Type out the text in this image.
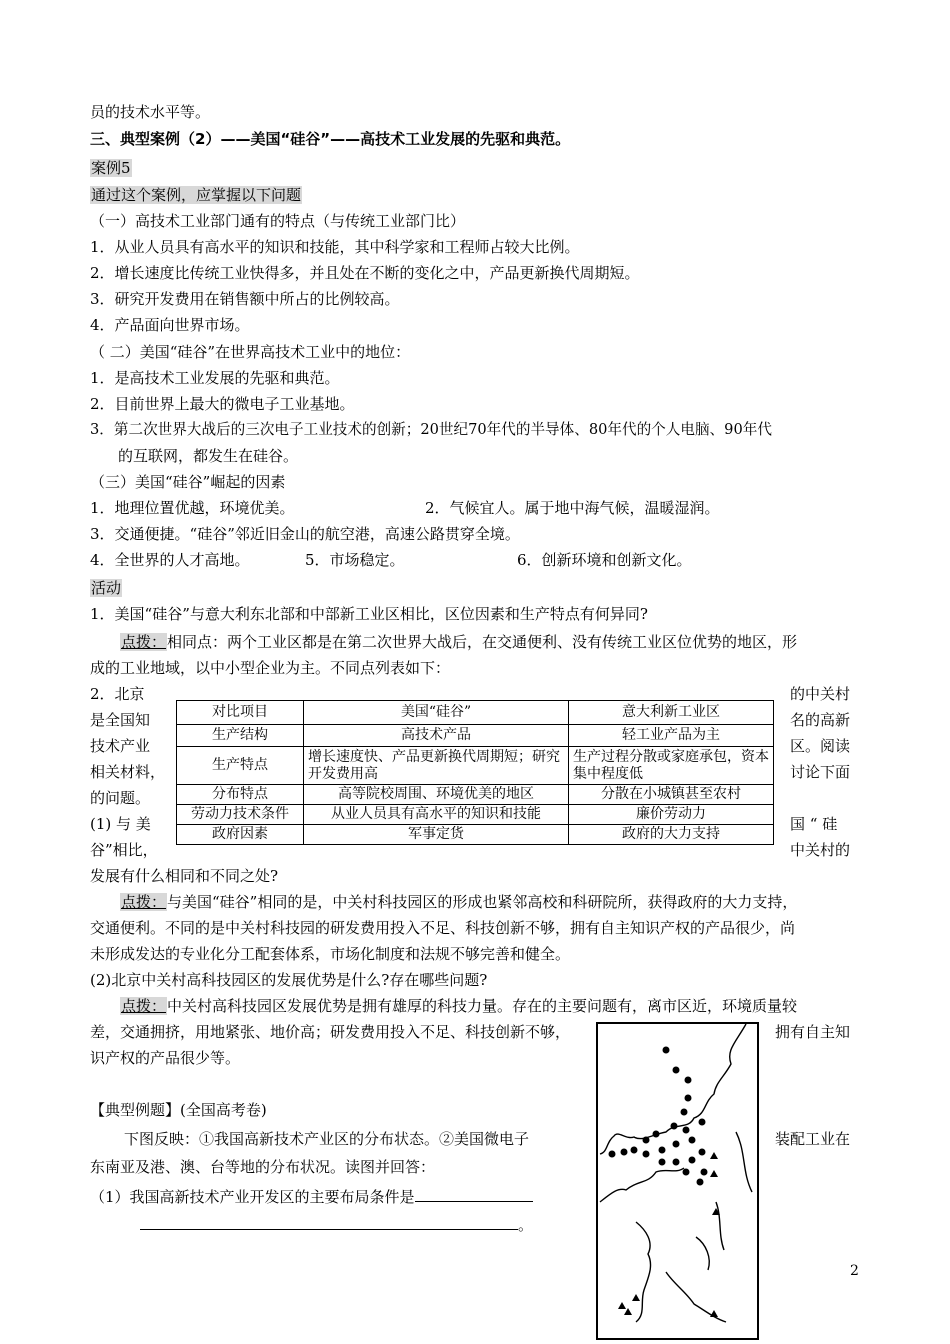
员的技术水平等。
三、典型案例（2）——美国“硅谷”——高技术工业发展的先驱和典范。
案例5
通过这个案例，应掌握以下问题
（一）高技术工业部门通有的特点（与传统工业部门比）
1．从业人员具有高水平的知识和技能，其中科学家和工程师占较大比例。
2．增长速度比传统工业快得多，并且处在不断的变化之中，产品更新换代周期短。
3．研究开发费用在销售额中所占的比例较高。
4．产品面向世界市场。
（ 二）美国“硅谷”在世界高技术工业中的地位：
1．是高技术工业发展的先驱和典范。
2．目前世界上最大的微电子工业基地。
3．第二次世界大战后的三次电子工业技术的创新；20世纪70年代的半导体、80年代的个人电脑、90年代
的互联网，都发生在硅谷。
（三）美国“硅谷”崛起的因素
1．地理位置优越，环境优美。	2．气候宜人。属于地中海气候，温暖湿润。
3．交通便捷。“硅谷”邻近旧金山的航空港，高速公路贯穿全境。
4．全世界的人才高地。	5．市场稳定。	6．创新环境和创新文化。
活动
1．美国“硅谷”与意大利东北部和中部新工业区相比，区位因素和生产特点有何异同?
点拨：相同点：两个工业区都是在第二次世界大战后，在交通便利、没有传统工业区位优势的地区，形
成的工业地域，以中小型企业为主。不同点列表如下：
2．北京
是全国知
技术产业
相关材料，
的问题。
(1) 与 美
谷”相比，
的中关村
名的高新
区。阅读
讨论下面
国 “ 硅
中关村的
对比项目	美国“硅谷”	意大利新工业区
生产结构	高技术产品	轻工业产品为主
生产特点	增长速度快、产品更新换代周期短；研究开发费用高	生产过程分散或家庭承包，资本集中程度低
分布特点	高等院校周围、环境优美的地区	分散在小城镇甚至农村
劳动力技术条件	从业人员具有高水平的知识和技能	廉价劳动力
政府因素	军事定货	政府的大力支持
发展有什么相同和不同之处?
点拨：与美国“硅谷”相同的是，中关村科技园区的形成也紧邻高校和科研院所，获得政府的大力支持，
交通便利。不同的是中关村科技园的研发费用投入不足、科技创新不够，拥有自主知识产权的产品很少，尚
未形成发达的专业化分工配套体系，市场化制度和法规不够完善和健全。
(2)北京中关村高科技园区的发展优势是什么?存在哪些问题?
点拨：中关村高科技园区发展优势是拥有雄厚的科技力量。存在的主要问题有，离市区近，环境质量较
差，交通拥挤，用地紧张、地价高；研发费用投入不足、科技创新不够，	拥有自主知
识产权的产品很少等。
【典型例题】(全国高考卷)
下图反映：①我国高新技术产业区的分布状态。②美国微电子	装配工业在
东南亚及港、澳、台等地的分布状况。读图并回答：
（1）我国高新技术产业开发区的主要布局条件是
。
2
